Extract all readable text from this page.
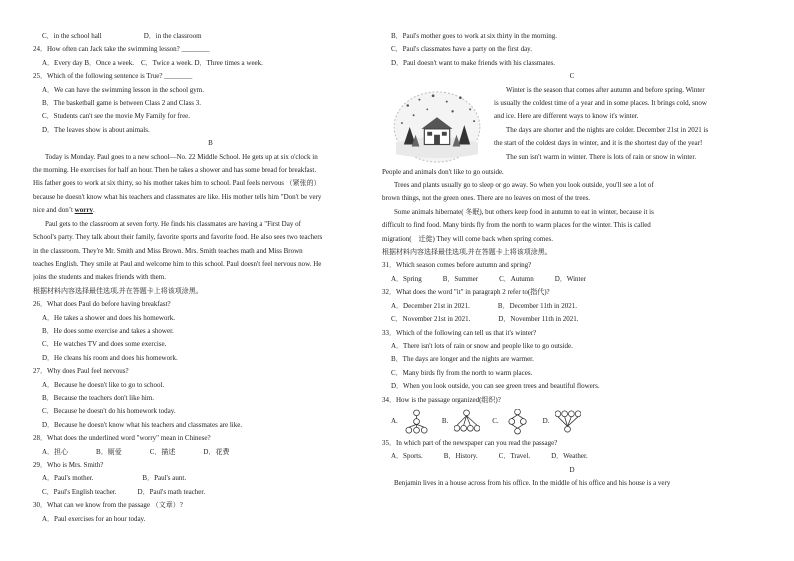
C．in the school hall　　　　　　D．in the classroom
24．How often can Jack take the swimming lesson? ________
A．Every day B．Once a week.　C．Twice a week. D．Three times a week.
25．Which of the following sentence is True? ________
A．We can have the swimming lesson in the school gym.
B．The basketball game is between Class 2 and Class 3.
C．Students can't see the movie My Family for free.
D．The leaves show is about animals.
B
Today is Monday. Paul goes to a new school—No. 22 Middle School. He gets up at six o'clock in
the morning. He exercises for half an hour. Then he takes a shower and has some bread for breakfast.
His father goes to work at six thirty, so his mother takes him to school. Paul feels nervous （紧张的）
because he doesn't know what his teachers and classmates are like. His mother tells him "Don't be very
nice and don’t worry.
Paul gets to the classroom at seven forty. He finds his classmates are having a "First Day of
School's party. They talk about their family, favorite sports and favorite food. He also sees two teachers
in the classroom. They're Mr. Smith and Miss Brown. Mrs. Smith teaches math and Miss Brown
teaches English. They smile at Paul and welcome him to this school. Paul doesn't feel nervous now. He
joins the students and makes friends with them.
根据材料内容选择最佳选项,并在答题卡上将该项涂黑。
26．What does Paul do before having breakfast?
A．He takes a shower and does his homework.
B．He does some exercise and takes a shower.
C．He watches TV and does some exercise.
D．He cleans his room and does his homework.
27．Why does Paul feel nervous?
A．Because he doesn't like to go to school.
B．Because the teachers don't like him.
C．Because he doesn't do his homework today.
D．Because he doesn't know what his teachers and classmates are like.
28．What does the underlined word "worry" mean in Chinese?
A．担心　　　　B．厕爱　　　　C．描述　　　　D．花费
29．Who is Mrs. Smith?
A．Paul's mother.　　　　　　　B．Paul's aunt.
C．Paul's English teacher.　　　D．Paul's math teacher.
30．What can we know from the passage （文章）?
A．Paul exercises for an hour today.
B．Paul's mother goes to work at six thirty in the morning.
C．Paul's classmates have a party on the first day.
D．Paul doesn't want to make friends with his classmates.
C
Winter is the season that comes after autumn and before spring. Winter
is usually the coldest time of a year and in some places. It brings cold, snow
and ice. Here are different ways to know it's winter.
The days are shorter and the nights are colder. December 21st in 2021 is
the start of the coldest days in winter, and it is the shortest day of the year!
The sun isn't warm in winter. There is lots of rain or snow in winter.
People and animals don't like to go outside.
Trees and plants usually go to sleep or go away. So when you look outside, you'll see a lot of
brown things, not the green ones. There are no leaves on most of the trees.
Some animals hibernate( 冬眠), but others keep food in autumn to eat in winter, because it is
difficult to find food. Many birds fly from the north to warm places for the winter. This is called
migration(　迁徙) They will come back when spring comes.
根据材料内容选择最佳选项,并在答题卡上将该项涂黑。
31．Which season comes before autumn and spring?
A．Spring　　　B．Summer　　　C．Autumn　　　D．Winter
32．What does the word "it" in paragraph 2 refer to(指代)?
A．December 21st in 2021.　　　　B．December 11th in 2021.
C．November 21st in 2021.　　　　D．November 11th in 2021.
33．Which of the following can tell us that it's winter?
A．There isn't lots of rain or snow and people like to go outside.
B．The days are longer and the nights are warmer.
C．Many birds fly from the north to warm places.
D．When you look outside, you can see green trees and beautiful flowers.
34．How is the passage organized(组织)?
A.	B.	C.	D.
35．In which part of the newspaper can you read the passage?
A．Sports.　　　B．History.　　　C．Travel.　　　D．Weather.
D
Benjamin lives in a house across from his office. In the middle of his office and his house is a very
